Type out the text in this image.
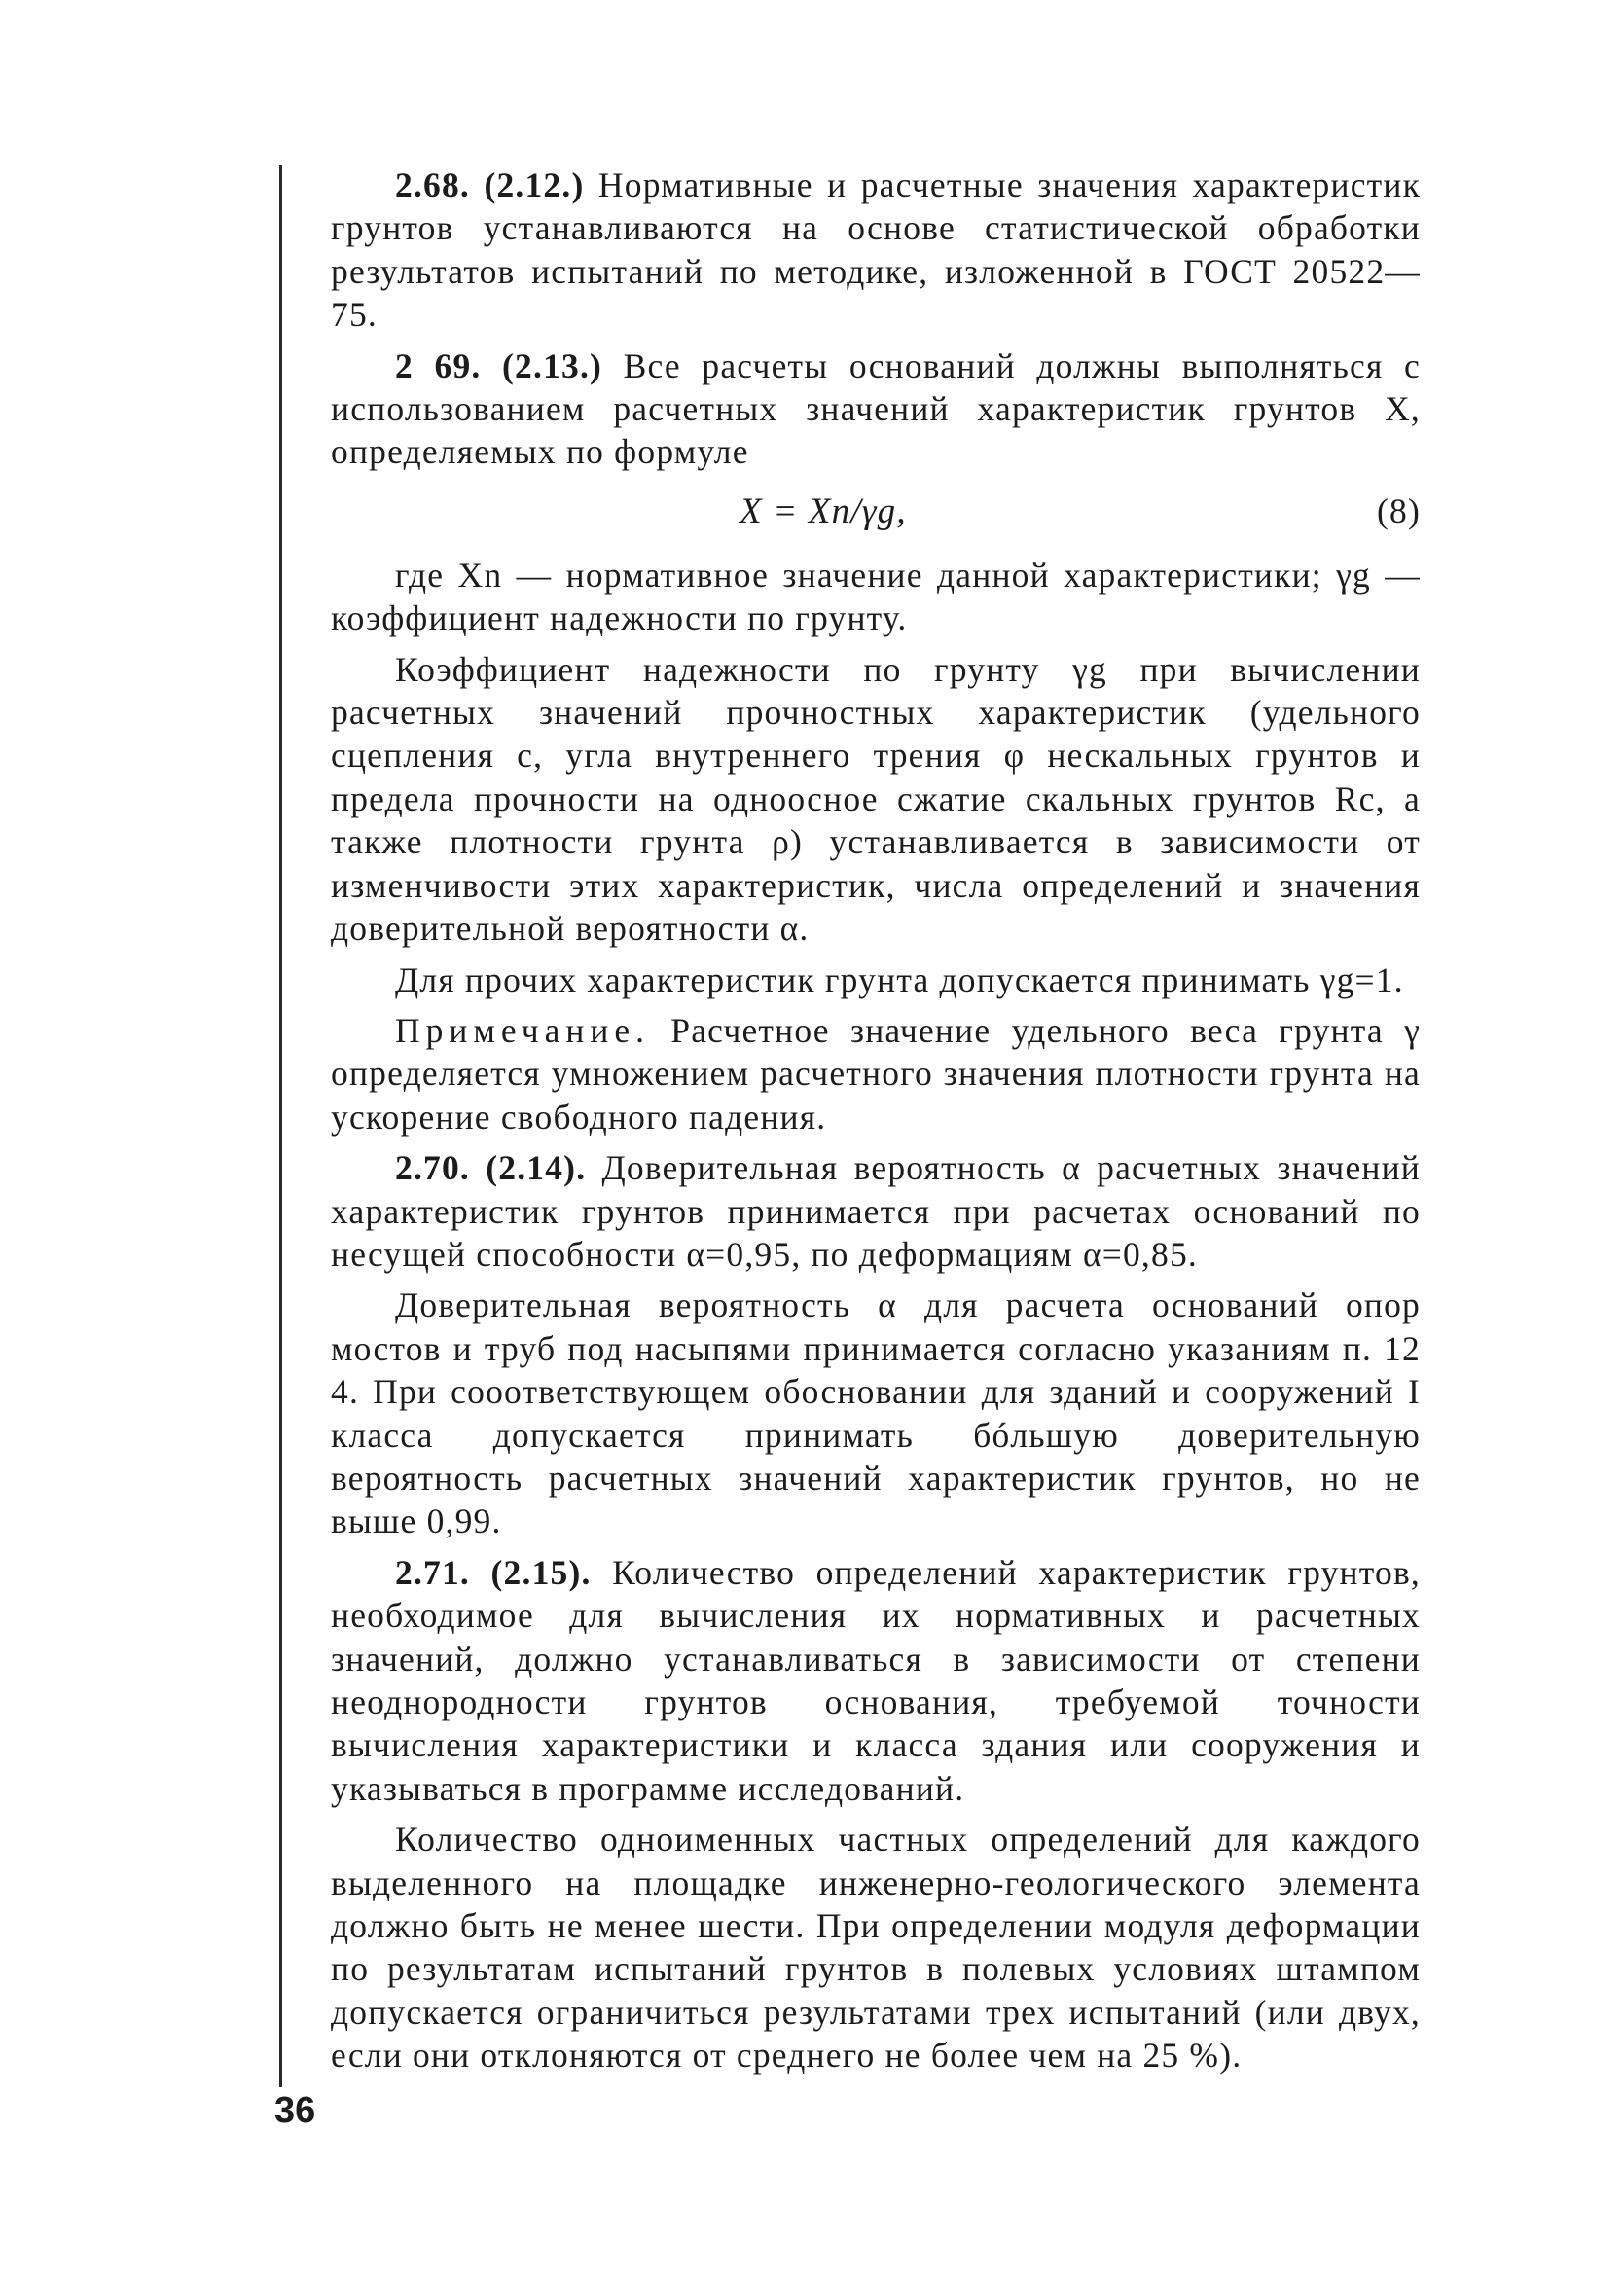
2.68. (2.12.) Нормативные и расчетные значения характеристик грунтов устанавливаются на основе статистической обработки результатов испытаний по методике, изложенной в ГОСТ 20522—75.

2 69. (2.13.) Все расчеты оснований должны выполняться с использованием расчетных значений характеристик грунтов X, определяемых по формуле

X = Xn/γg,	(8)

где Xn — нормативное значение данной характеристики; γg — коэффициент надежности по грунту.

Коэффициент надежности по грунту γg при вычислении расчетных значений прочностных характеристик (удельного сцепления c, угла внутреннего трения φ нескальных грунтов и предела прочности на одноосное сжатие скальных грунтов Rc, а также плотности грунта ρ) устанавливается в зависимости от изменчивости этих характеристик, числа определений и значения доверительной вероятности α.

Для прочих характеристик грунта допускается принимать γg=1.

Примечание. Расчетное значение удельного веса грунта γ определяется умножением расчетного значения плотности грунта на ускорение свободного падения.

2.70. (2.14). Доверительная вероятность α расчетных значений характеристик грунтов принимается при расчетах оснований по несущей способности α=0,95, по деформациям α=0,85.

Доверительная вероятность α для расчета оснований опор мостов и труб под насыпями принимается согласно указаниям п. 12 4. При сооответствующем обосновании для зданий и сооружений I класса допускается принимать бóльшую доверительную вероятность расчетных значений характеристик грунтов, но не выше 0,99.

2.71. (2.15). Количество определений характеристик грунтов, необходимое для вычисления их нормативных и расчетных значений, должно устанавливаться в зависимости от степени неоднородности грунтов основания, требуемой точности вычисления характеристики и класса здания или сооружения и указываться в программе исследований.

Количество одноименных частных определений для каждого выделенного на площадке инженерно-геологического элемента должно быть не менее шести. При определении модуля деформации по результатам испытаний грунтов в полевых условиях штампом допускается ограничиться результатами трех испытаний (или двух, если они отклоняются от среднего не более чем на 25 %).

36
